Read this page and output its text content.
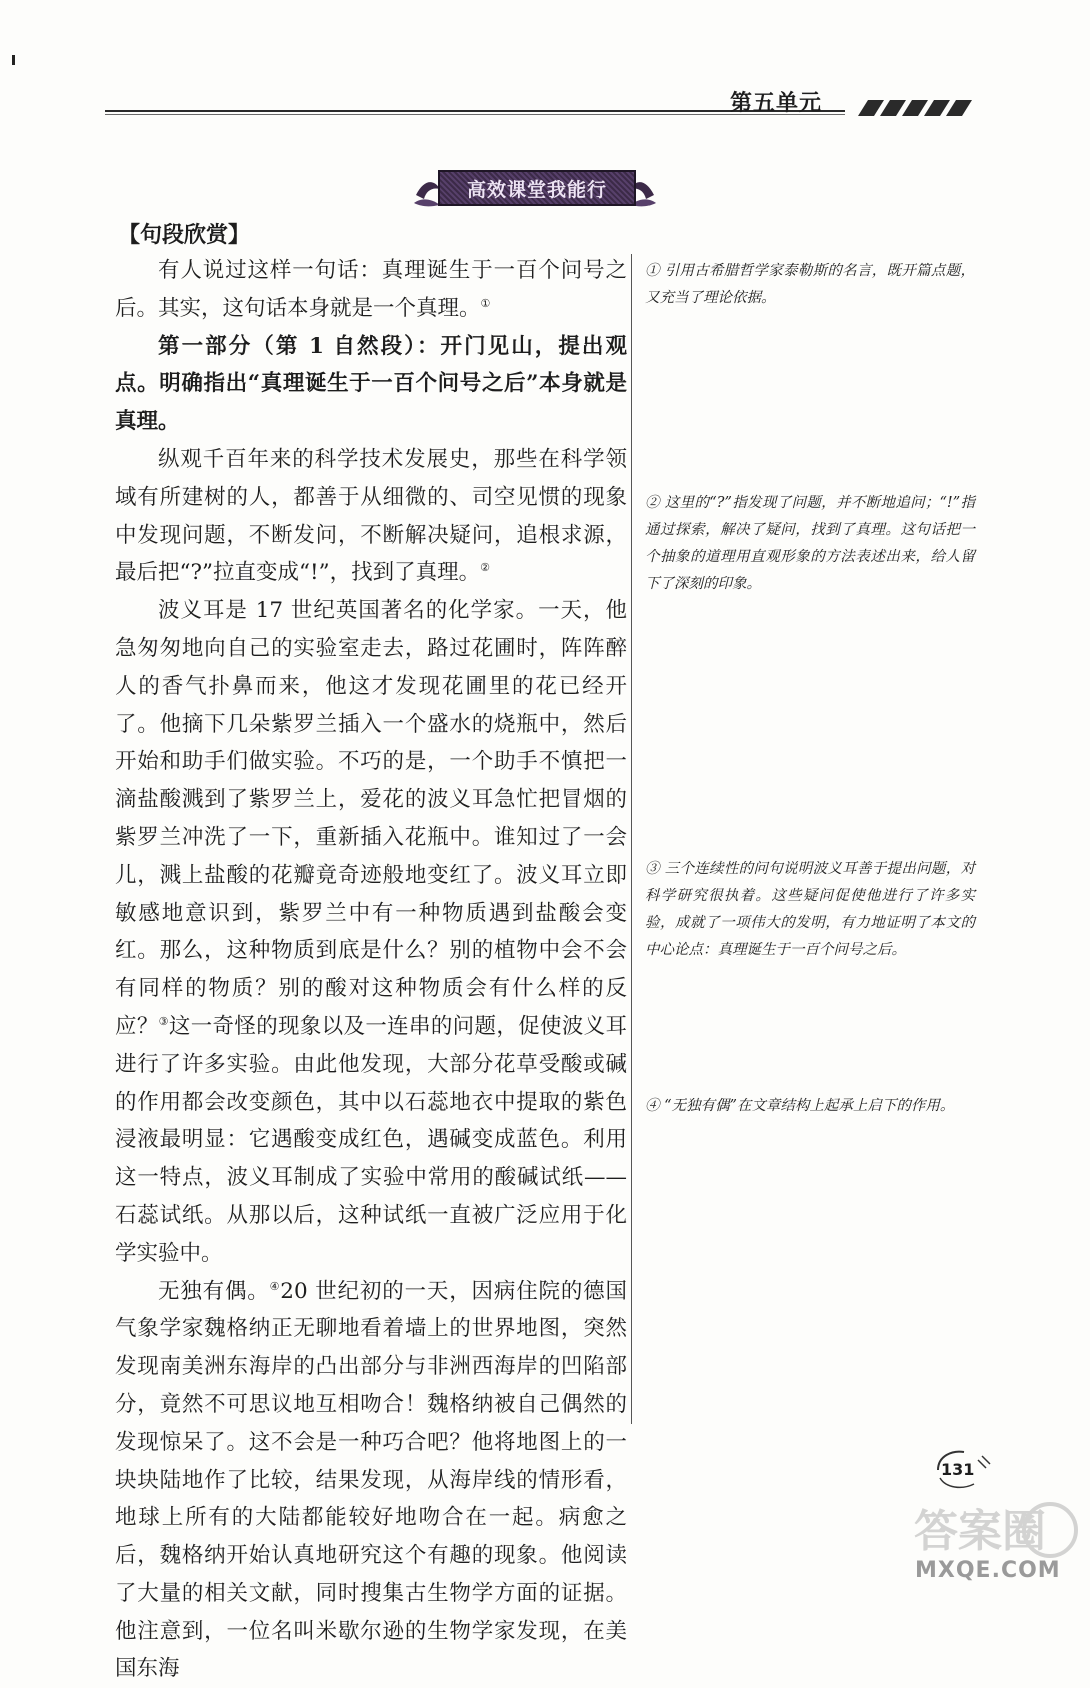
第五单元
高效课堂我能行
【句段欣赏】

有人说过这样一句话：真理诞生于一百个问号之后。其实，这句话本身就是一个真理。①

第一部分（第 1 自然段）：开门见山，提出观点。明确指出“真理诞生于一百个问号之后”本身就是真理。

纵观千百年来的科学技术发展史，那些在科学领域有所建树的人，都善于从细微的、司空见惯的现象中发现问题，不断发问，不断解决疑问，追根求源，最后把“?”拉直变成“!”，找到了真理。②

波义耳是 17 世纪英国著名的化学家。一天，他急匆匆地向自己的实验室走去，路过花圃时，阵阵醉人的香气扑鼻而来，他这才发现花圃里的花已经开了。他摘下几朵紫罗兰插入一个盛水的烧瓶中，然后开始和助手们做实验。不巧的是，一个助手不慎把一滴盐酸溅到了紫罗兰上，爱花的波义耳急忙把冒烟的紫罗兰冲洗了一下，重新插入花瓶中。谁知过了一会儿，溅上盐酸的花瓣竟奇迹般地变红了。波义耳立即敏感地意识到，紫罗兰中有一种物质遇到盐酸会变红。那么，这种物质到底是什么？别的植物中会不会有同样的物质？别的酸对这种物质会有什么样的反应？③这一奇怪的现象以及一连串的问题，促使波义耳进行了许多实验。由此他发现，大部分花草受酸或碱的作用都会改变颜色，其中以石蕊地衣中提取的紫色浸液最明显：它遇酸变成红色，遇碱变成蓝色。利用这一特点，波义耳制成了实验中常用的酸碱试纸——石蕊试纸。从那以后，这种试纸一直被广泛应用于化学实验中。

无独有偶。④20 世纪初的一天，因病住院的德国气象学家魏格纳正无聊地看着墙上的世界地图，突然发现南美洲东海岸的凸出部分与非洲西海岸的凹陷部分，竟然不可思议地互相吻合！魏格纳被自己偶然的发现惊呆了。这不会是一种巧合吧？他将地图上的一块块陆地作了比较，结果发现，从海岸线的情形看，地球上所有的大陆都能较好地吻合在一起。病愈之后，魏格纳开始认真地研究这个有趣的现象。他阅读了大量的相关文献，同时搜集古生物学方面的证据。他注意到，一位名叫米歇尔逊的生物学家发现，在美国东海

① 引用古希腊哲学家泰勒斯的名言，既开篇点题，又充当了理论依据。
② 这里的“?”指发现了问题，并不断地追问；“!”指通过探索，解决了疑问，找到了真理。这句话把一个抽象的道理用直观形象的方法表述出来，给人留下了深刻的印象。
③ 三个连续性的问句说明波义耳善于提出问题，对科学研究很执着。这些疑问促使他进行了许多实验，成就了一项伟大的发明，有力地证明了本文的中心论点：真理诞生于一百个问号之后。
④ “无独有偶”在文章结构上起承上启下的作用。
131
答案圈
MXQE.COM
